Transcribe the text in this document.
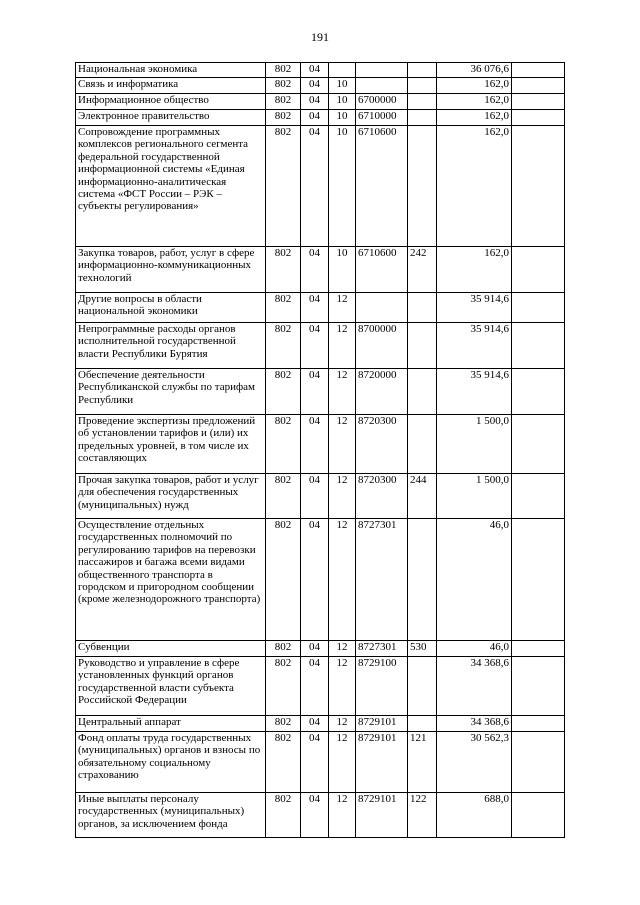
191
Национальная экономика	802	04				36 076,6	
Связь и информатика	802	04	10			162,0	
Информационное общество	802	04	10	6700000		162,0	
Электронное правительство	802	04	10	6710000		162,0	
Сопровождение программных комплексов регионального сегмента федеральной государственной информационной системы «Единая информационно-аналитическая система «ФСТ России – РЭК – субъекты регулирования»	802	04	10	6710600		162,0	
Закупка товаров, работ, услуг в сфере информационно-коммуникационных технологий	802	04	10	6710600	242	162,0	
Другие вопросы в области национальной экономики	802	04	12			35 914,6	
Непрограммные расходы органов исполнительной государственной власти Республики Бурятия	802	04	12	8700000		35 914,6	
Обеспечение деятельности Республиканской службы по тарифам Республики	802	04	12	8720000		35 914,6	
Проведение экспертизы предложений об установлении тарифов и (или) их предельных уровней, в том числе их составляющих	802	04	12	8720300		1 500,0	
Прочая закупка товаров, работ и услуг для обеспечения государственных (муниципальных) нужд	802	04	12	8720300	244	1 500,0	
Осуществление отдельных государственных полномочий по регулированию тарифов на перевозки пассажиров и багажа всеми видами общественного транспорта в городском и пригородном сообщении (кроме железнодорожного транспорта)	802	04	12	8727301		46,0	
Субвенции	802	04	12	8727301	530	46,0	
Руководство и управление в сфере установленных функций органов государственной власти субъекта Российской Федерации	802	04	12	8729100		34 368,6	
Центральный аппарат	802	04	12	8729101		34 368,6	
Фонд оплаты труда государственных (муниципальных) органов и взносы по обязательному социальному страхованию	802	04	12	8729101	121	30 562,3	
Иные выплаты персоналу государственных (муниципальных) органов, за исключением фонда	802	04	12	8729101	122	688,0	
